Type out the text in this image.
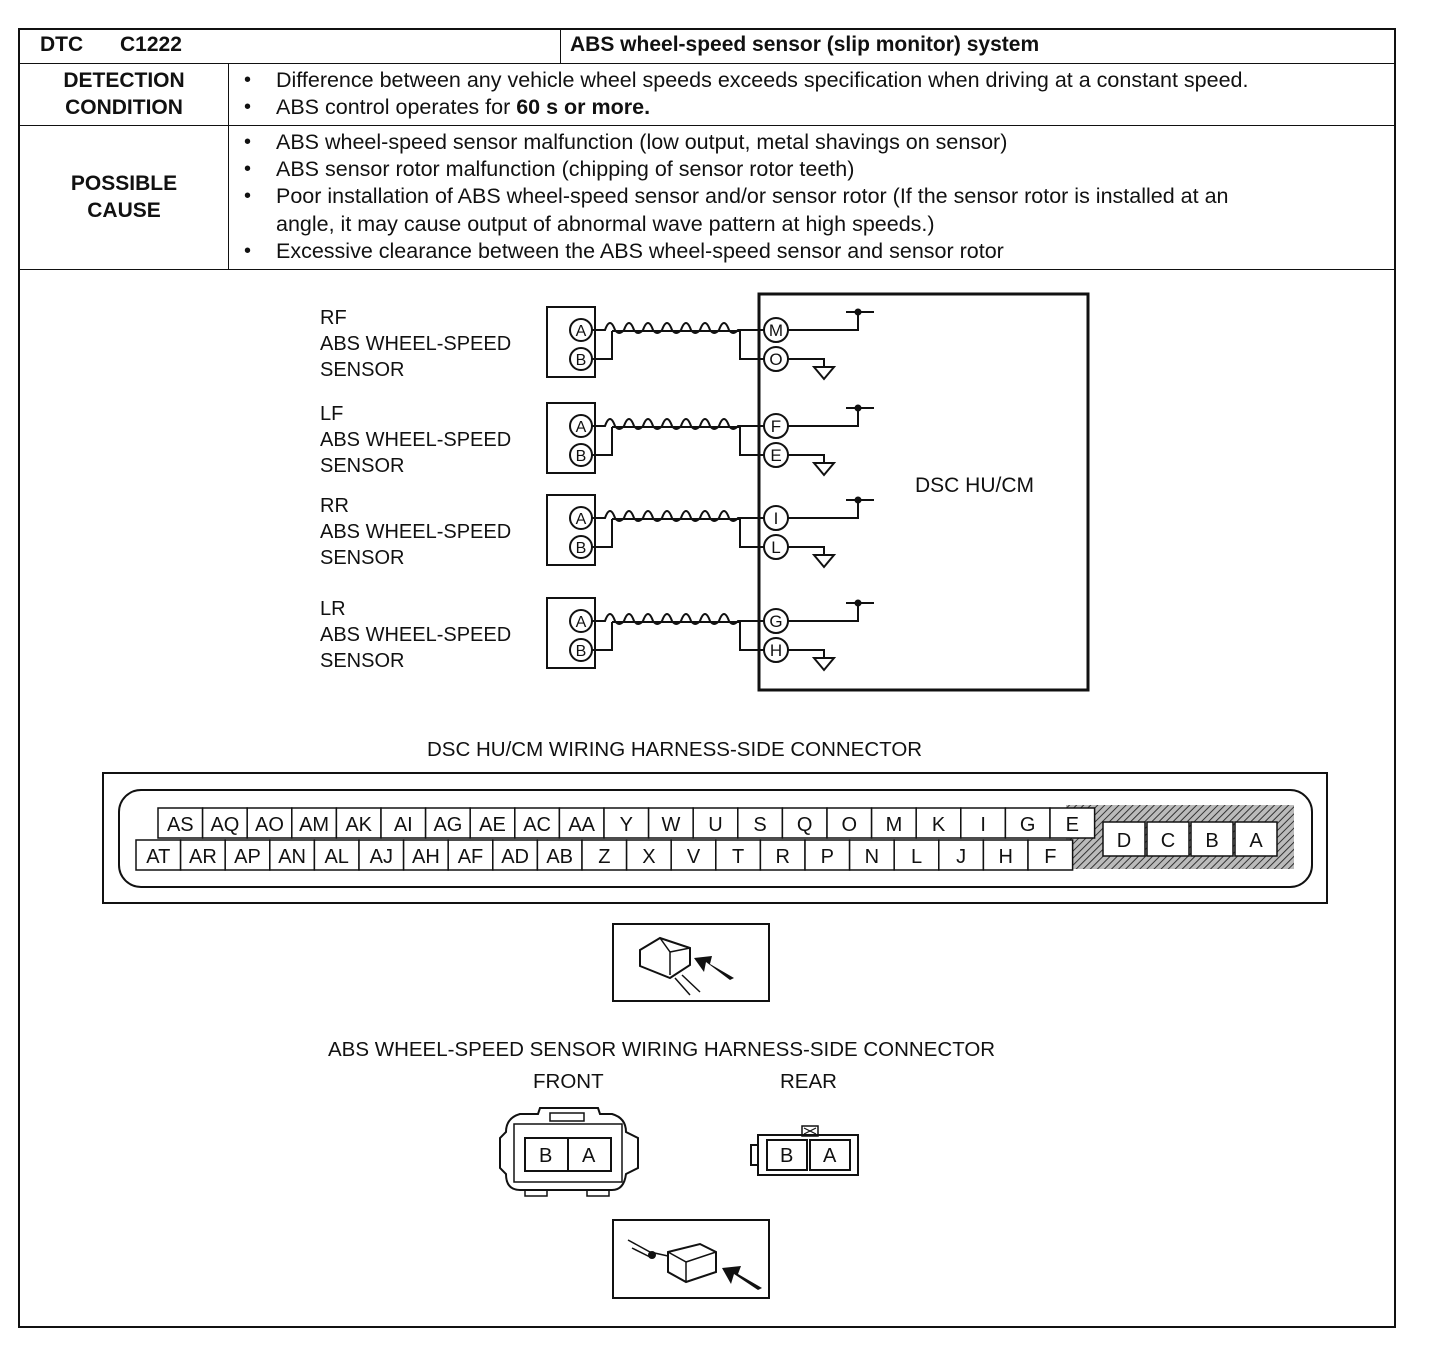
DTC C1222	ABS wheel-speed sensor (slip monitor) system
DETECTION
CONDITION
• Difference between any vehicle wheel speeds exceeds specification when driving at a constant speed.
• ABS control operates for 60 s or more.
POSSIBLE
CAUSE
• ABS wheel-speed sensor malfunction (low output, metal shavings on sensor)
• ABS sensor rotor malfunction (chipping of sensor rotor teeth)
• Poor installation of ABS wheel-speed sensor and/or sensor rotor (If the sensor rotor is installed at an
angle, it may cause output of abnormal wave pattern at high speeds.)
• Excessive clearance between the ABS wheel-speed sensor and sensor rotor
DSC HU/CM
RF
ABS WHEEL-SPEED
SENSOR
A
B
M
O
LF
ABS WHEEL-SPEED
SENSOR
A
B
F
E
RR
ABS WHEEL-SPEED
SENSOR
A
B
I
L
LR
ABS WHEEL-SPEED
SENSOR
A
B
G
H
DSC HU/CM WIRING HARNESS-SIDE CONNECTOR
AS AQ AO AM AK AI AG AE AC AA Y W U S Q O M K I G E
AT AR AP AN AL AJ AH AF AD AB Z X V T R P N L J H F
D C B A
ABS WHEEL-SPEED SENSOR WIRING HARNESS-SIDE CONNECTOR
FRONT	REAR
B A	B A
